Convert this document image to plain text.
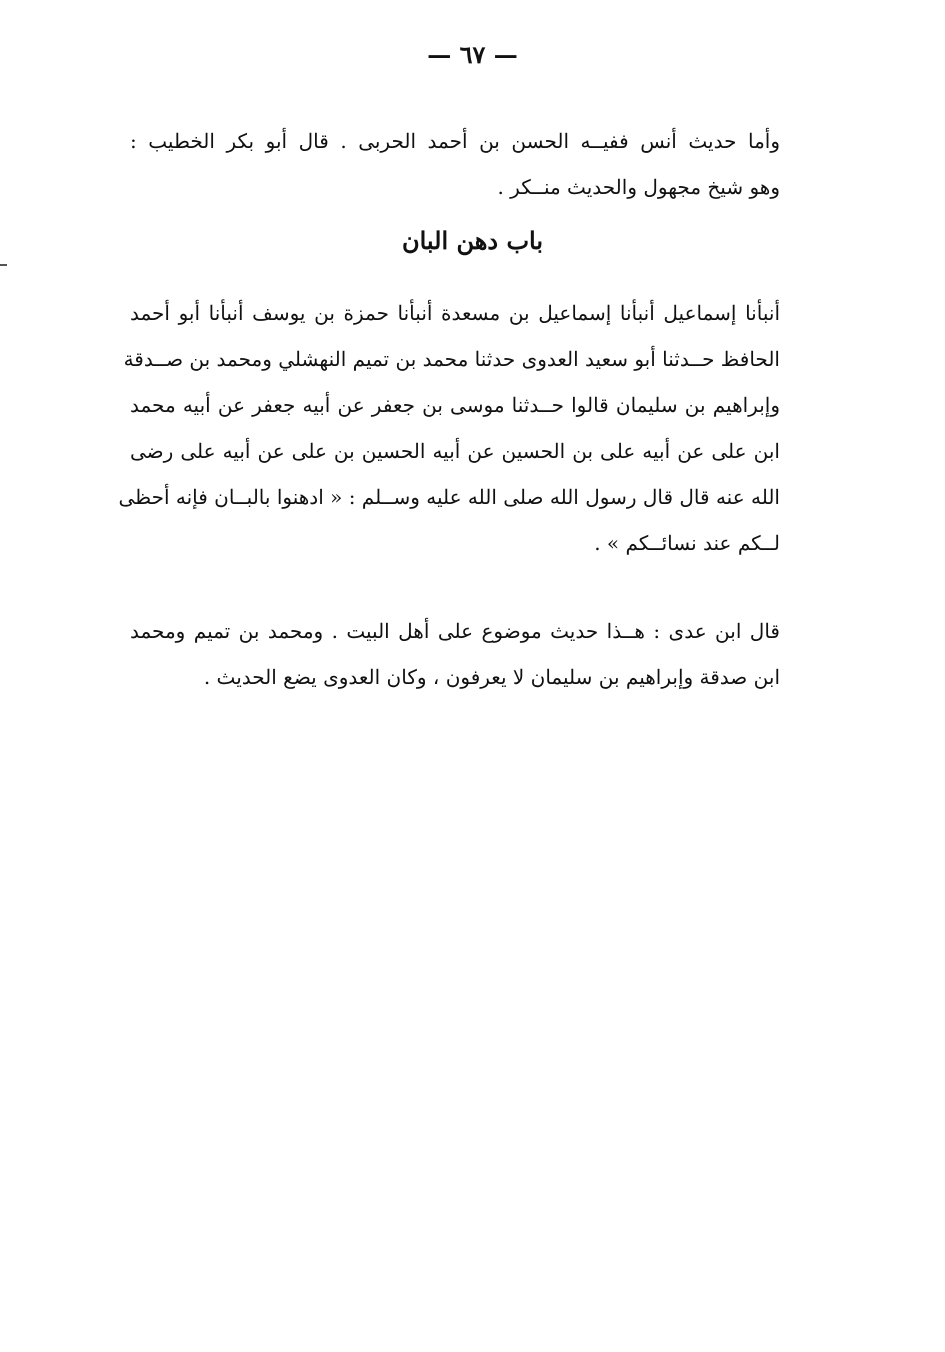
— ٦٧ —
وأما حديث أنس ففيــه الحسن بن أحمد الحربى . قال أبو بكر الخطيب :
وهو شيخ مجهول والحديث منــكر .
باب دهن البان
أنبأنا إسماعيل أنبأنا إسماعيل بن مسعدة أنبأنا حمزة بن يوسف أنبأنا أبو أحمد
الحافظ حــدثنا أبو سعيد العدوى حدثنا محمد بن تميم النهشلي ومحمد بن صــدقة
وإبراهيم بن سليمان قالوا حــدثنا موسى بن جعفر عن أبيه جعفر عن أبيه محمد
ابن على عن أبيه على بن الحسين عن أبيه الحسين بن على عن أبيه على رضى
الله عنه قال قال رسول الله صلى الله عليه وســلم : « ادهنوا بالبــان فإنه أحظى
لــكم عند نسائــكم » .
قال ابن عدى : هــذا حديث موضوع على أهل البيت . ومحمد بن تميم ومحمد
ابن صدقة وإبراهيم بن سليمان لا يعرفون ، وكان العدوى يضع الحديث .
